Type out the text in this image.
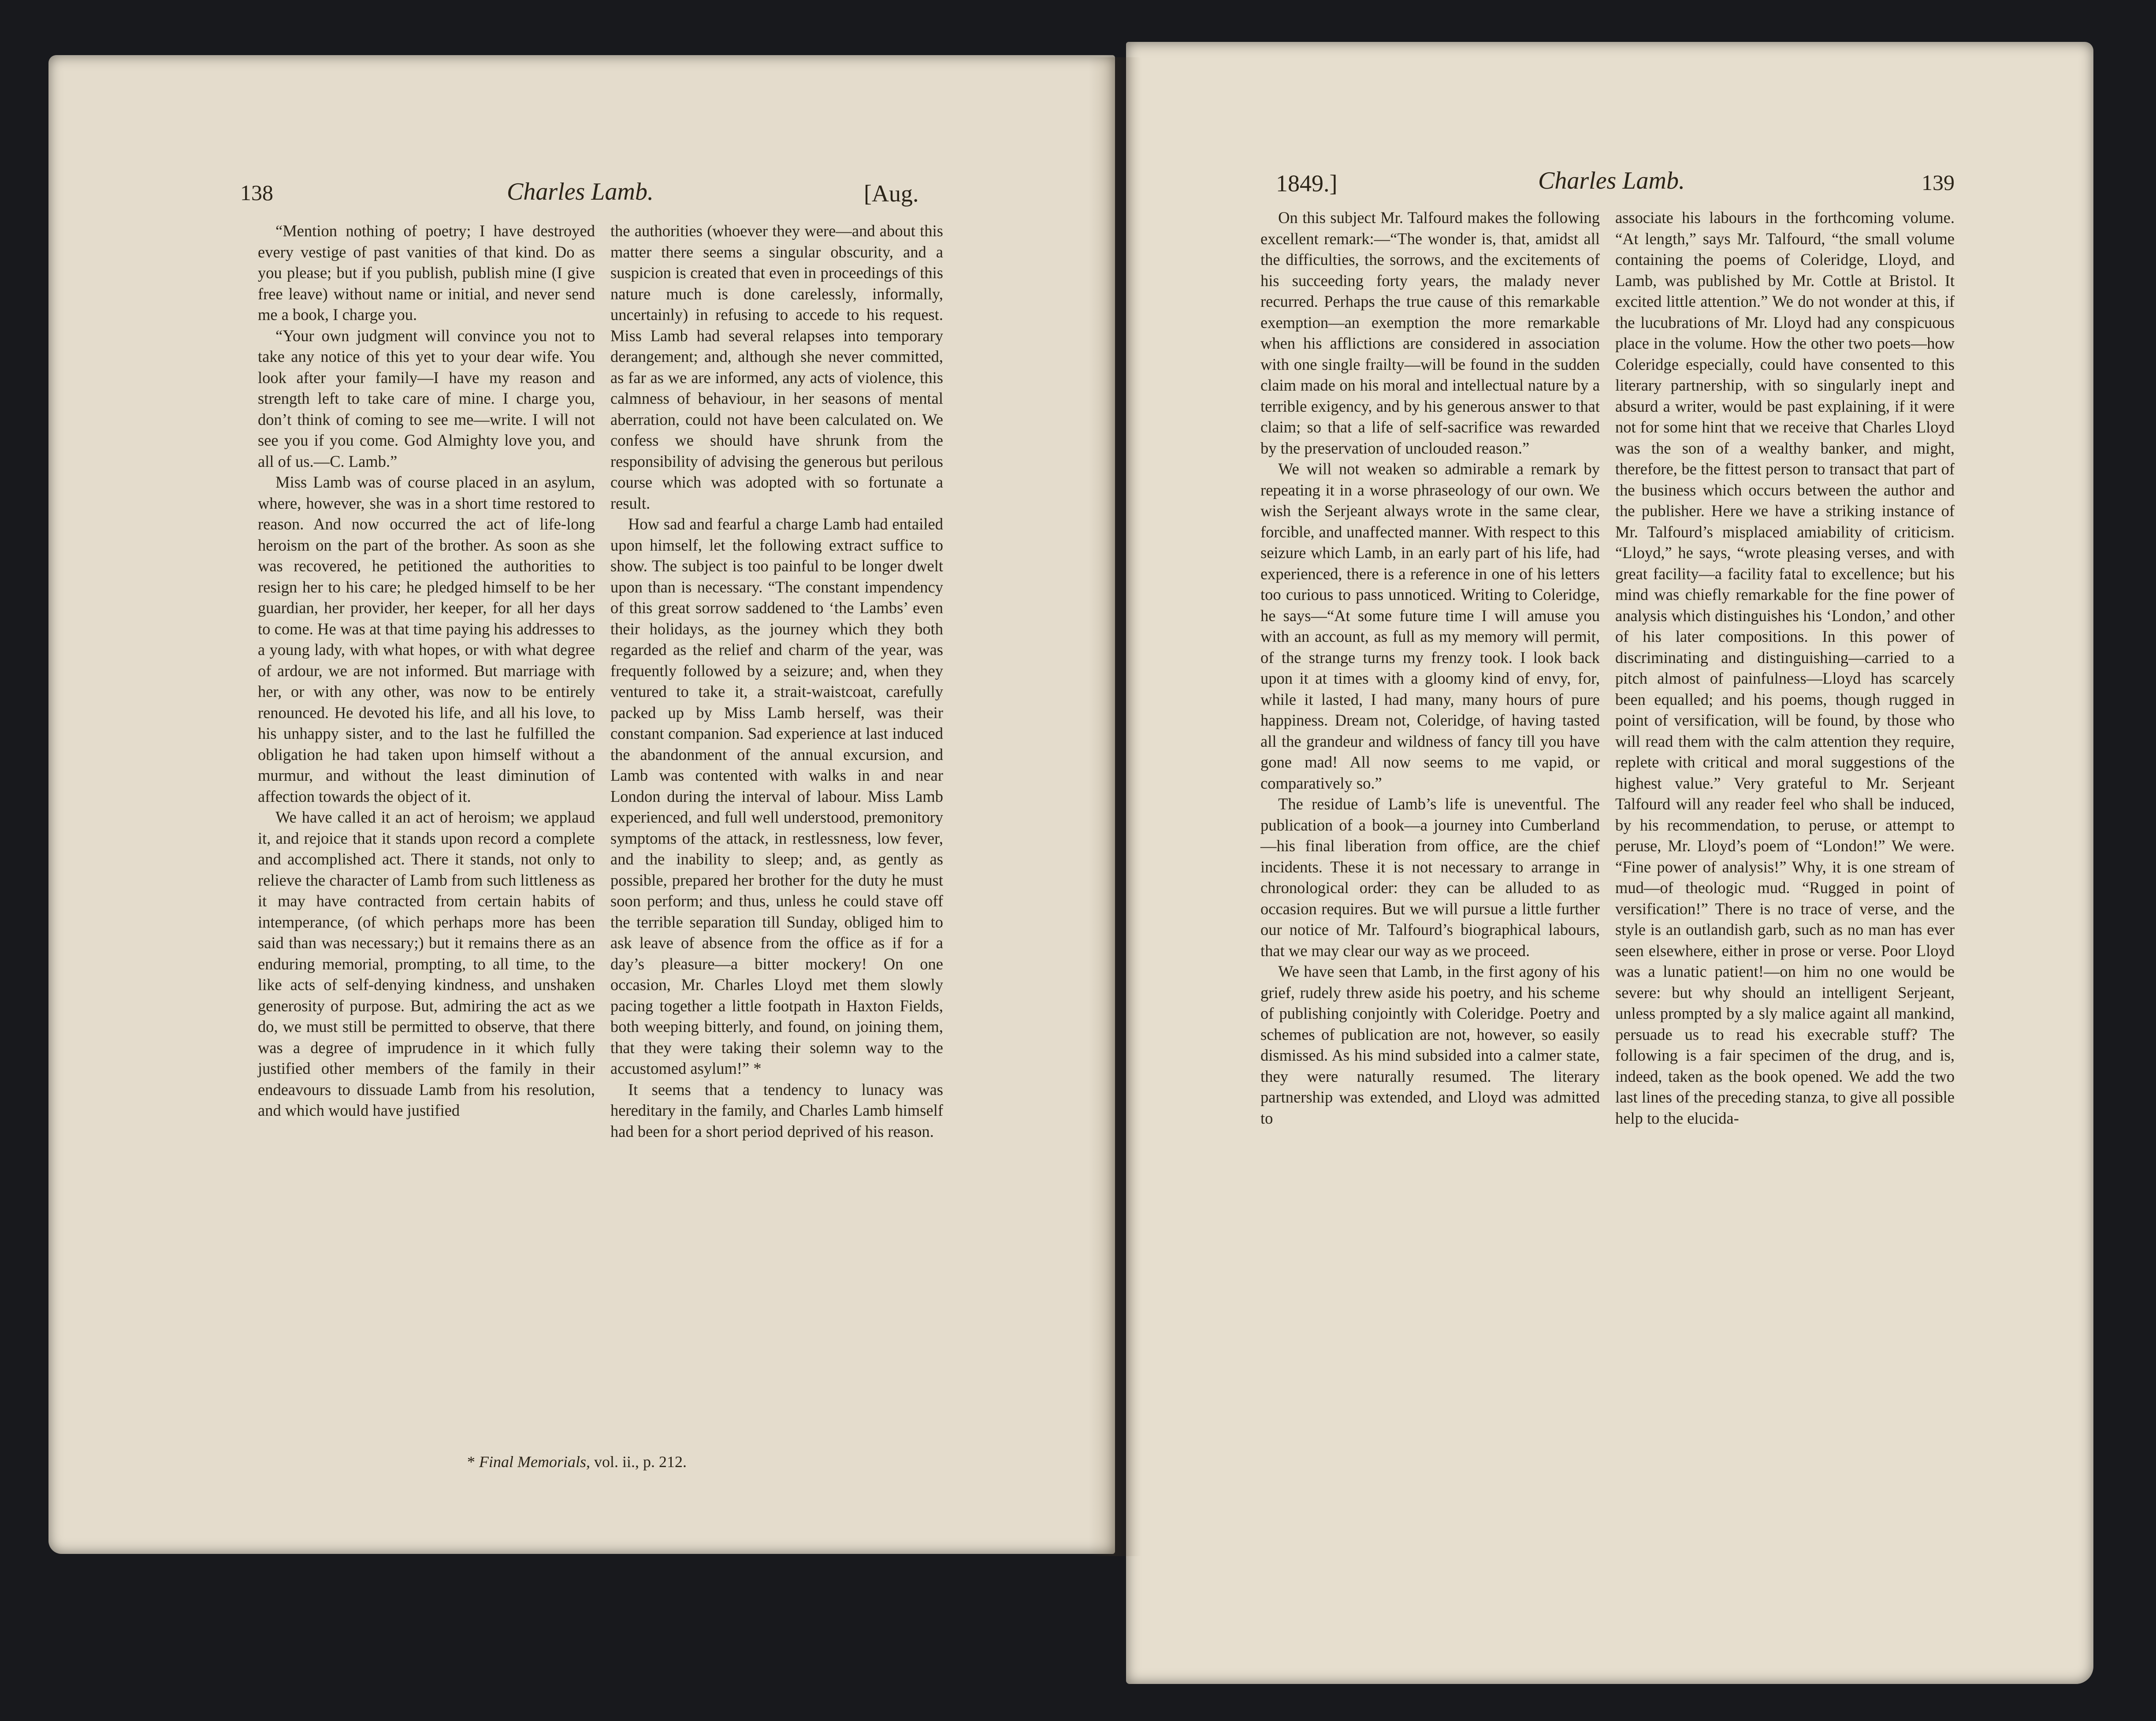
138	Charles Lamb.	[Aug.

“Mention nothing of poetry; I have destroyed every vestige of past vanities of that kind. Do as you please; but if you publish, publish mine (I give free leave) without name or initial, and never send me a book, I charge you.

“Your own judgment will convince you not to take any notice of this yet to your dear wife. You look after your family—I have my reason and strength left to take care of mine. I charge you, don’t think of coming to see me—write. I will not see you if you come. God Almighty love you, and all of us.—C. Lamb.”

Miss Lamb was of course placed in an asylum, where, however, she was in a short time restored to reason. And now occurred the act of life-long heroism on the part of the brother. As soon as she was recovered, he petitioned the authorities to resign her to his care; he pledged himself to be her guardian, her provider, her keeper, for all her days to come. He was at that time paying his addresses to a young lady, with what hopes, or with what degree of ardour, we are not informed. But marriage with her, or with any other, was now to be entirely renounced. He devoted his life, and all his love, to his unhappy sister, and to the last he fulfilled the obligation he had taken upon himself without a murmur, and without the least diminution of affection towards the object of it.

We have called it an act of heroism; we applaud it, and rejoice that it stands upon record a complete and accomplished act. There it stands, not only to relieve the character of Lamb from such littleness as it may have contracted from certain habits of intemperance, (of which perhaps more has been said than was necessary;) but it remains there as an enduring memorial, prompting, to all time, to the like acts of self-denying kindness, and unshaken generosity of purpose. But, admiring the act as we do, we must still be permitted to observe, that there was a degree of imprudence in it which fully justified other members of the family in their endeavours to dissuade Lamb from his resolution, and which would have justified

the authorities (whoever they were—and about this matter there seems a singular obscurity, and a suspicion is created that even in proceedings of this nature much is done carelessly, informally, uncertainly) in refusing to accede to his request. Miss Lamb had several relapses into temporary derangement; and, although she never committed, as far as we are informed, any acts of violence, this calmness of behaviour, in her seasons of mental aberration, could not have been calculated on. We confess we should have shrunk from the responsibility of advising the generous but perilous course which was adopted with so fortunate a result.

How sad and fearful a charge Lamb had entailed upon himself, let the following extract suffice to show. The subject is too painful to be longer dwelt upon than is necessary. “The constant impendency of this great sorrow saddened to ‘the Lambs’ even their holidays, as the journey which they both regarded as the relief and charm of the year, was frequently followed by a seizure; and, when they ventured to take it, a strait-waistcoat, carefully packed up by Miss Lamb herself, was their constant companion. Sad experience at last induced the abandonment of the annual excursion, and Lamb was contented with walks in and near London during the interval of labour. Miss Lamb experienced, and full well understood, premonitory symptoms of the attack, in restlessness, low fever, and the inability to sleep; and, as gently as possible, prepared her brother for the duty he must soon perform; and thus, unless he could stave off the terrible separation till Sunday, obliged him to ask leave of absence from the office as if for a day’s pleasure—a bitter mockery! On one occasion, Mr. Charles Lloyd met them slowly pacing together a little footpath in Haxton Fields, both weeping bitterly, and found, on joining them, that they were taking their solemn way to the accustomed asylum!” *

It seems that a tendency to lunacy was hereditary in the family, and Charles Lamb himself had been for a short period deprived of his reason.

* Final Memorials, vol. ii., p. 212.
1849.]	Charles Lamb.	139

On this subject Mr. Talfourd makes the following excellent remark:—“The wonder is, that, amidst all the difficulties, the sorrows, and the excitements of his succeeding forty years, the malady never recurred. Perhaps the true cause of this remarkable exemption—an exemption the more remarkable when his afflictions are considered in association with one single frailty—will be found in the sudden claim made on his moral and intellectual nature by a terrible exigency, and by his generous answer to that claim; so that a life of self-sacrifice was rewarded by the preservation of unclouded reason.”

We will not weaken so admirable a remark by repeating it in a worse phraseology of our own. We wish the Serjeant always wrote in the same clear, forcible, and unaffected manner. With respect to this seizure which Lamb, in an early part of his life, had experienced, there is a reference in one of his letters too curious to pass unnoticed. Writing to Coleridge, he says—“At some future time I will amuse you with an account, as full as my memory will permit, of the strange turns my frenzy took. I look back upon it at times with a gloomy kind of envy, for, while it lasted, I had many, many hours of pure happiness. Dream not, Coleridge, of having tasted all the grandeur and wildness of fancy till you have gone mad! All now seems to me vapid, or comparatively so.”

The residue of Lamb’s life is uneventful. The publication of a book—a journey into Cumberland—his final liberation from office, are the chief incidents. These it is not necessary to arrange in chronological order: they can be alluded to as occasion requires. But we will pursue a little further our notice of Mr. Talfourd’s biographical labours, that we may clear our way as we proceed.

We have seen that Lamb, in the first agony of his grief, rudely threw aside his poetry, and his scheme of publishing conjointly with Coleridge. Poetry and schemes of publication are not, however, so easily dismissed. As his mind subsided into a calmer state, they were naturally resumed. The literary partnership was extended, and Lloyd was admitted to

associate his labours in the forthcoming volume. “At length,” says Mr. Talfourd, “the small volume containing the poems of Coleridge, Lloyd, and Lamb, was published by Mr. Cottle at Bristol. It excited little attention.” We do not wonder at this, if the lucubrations of Mr. Lloyd had any conspicuous place in the volume. How the other two poets—how Coleridge especially, could have consented to this literary partnership, with so singularly inept and absurd a writer, would be past explaining, if it were not for some hint that we receive that Charles Lloyd was the son of a wealthy banker, and might, therefore, be the fittest person to transact that part of the business which occurs between the author and the publisher. Here we have a striking instance of Mr. Talfourd’s misplaced amiability of criticism. “Lloyd,” he says, “wrote pleasing verses, and with great facility—a facility fatal to excellence; but his mind was chiefly remarkable for the fine power of analysis which distinguishes his ‘London,’ and other of his later compositions. In this power of discriminating and distinguishing—carried to a pitch almost of painfulness—Lloyd has scarcely been equalled; and his poems, though rugged in point of versification, will be found, by those who will read them with the calm attention they require, replete with critical and moral suggestions of the highest value.” Very grateful to Mr. Serjeant Talfourd will any reader feel who shall be induced, by his recommendation, to peruse, or attempt to peruse, Mr. Lloyd’s poem of “London!” We were. “Fine power of analysis!” Why, it is one stream of mud—of theologic mud. “Rugged in point of versification!” There is no trace of verse, and the style is an outlandish garb, such as no man has ever seen elsewhere, either in prose or verse. Poor Lloyd was a lunatic patient!—on him no one would be severe: but why should an intelligent Serjeant, unless prompted by a sly malice againt all mankind, persuade us to read his execrable stuff? The following is a fair specimen of the drug, and is, indeed, taken as the book opened. We add the two last lines of the preceding stanza, to give all possible help to the elucida-
